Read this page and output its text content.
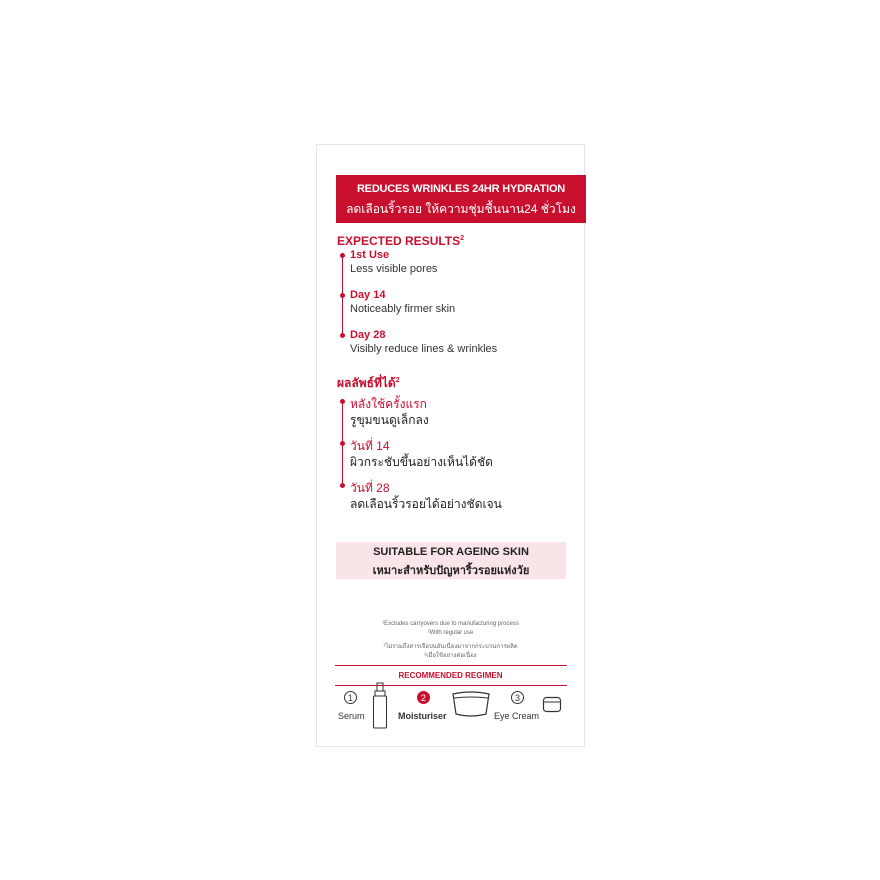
REDUCES WRINKLES 24HR HYDRATION
ลดเลือนริ้วรอย ให้ความชุ่มชื้นนาน24 ชั่วโมง
EXPECTED RESULTS$^2$
1st Use
Less visible pores
Day 14
Noticeably firmer skin
Day 28
Visibly reduce lines & wrinkles
ผลลัพธ์ที่ได้$^2$
หลังใช้ครั้งแรก
รูขุมขนดูเล็กลง
วันที่ 14
ผิวกระชับขึ้นอย่างเห็นได้ชัด
วันที่ 28
ลดเลือนริ้วรอยได้อย่างชัดเจน
SUITABLE FOR AGEING SKIN
เหมาะสำหรับปัญหาริ้วรอยแห่งวัย
¹Excludes carryovers due to manufacturing process
²With regular use
¹ไม่รวมถึงสารเจือปนอันเนื่องมาจากกระบวนการผลิต
²เมื่อใช้อย่างต่อเนื่อง
RECOMMENDED REGIMEN
1
Serum
2
Moisturiser
3
Eye Cream
